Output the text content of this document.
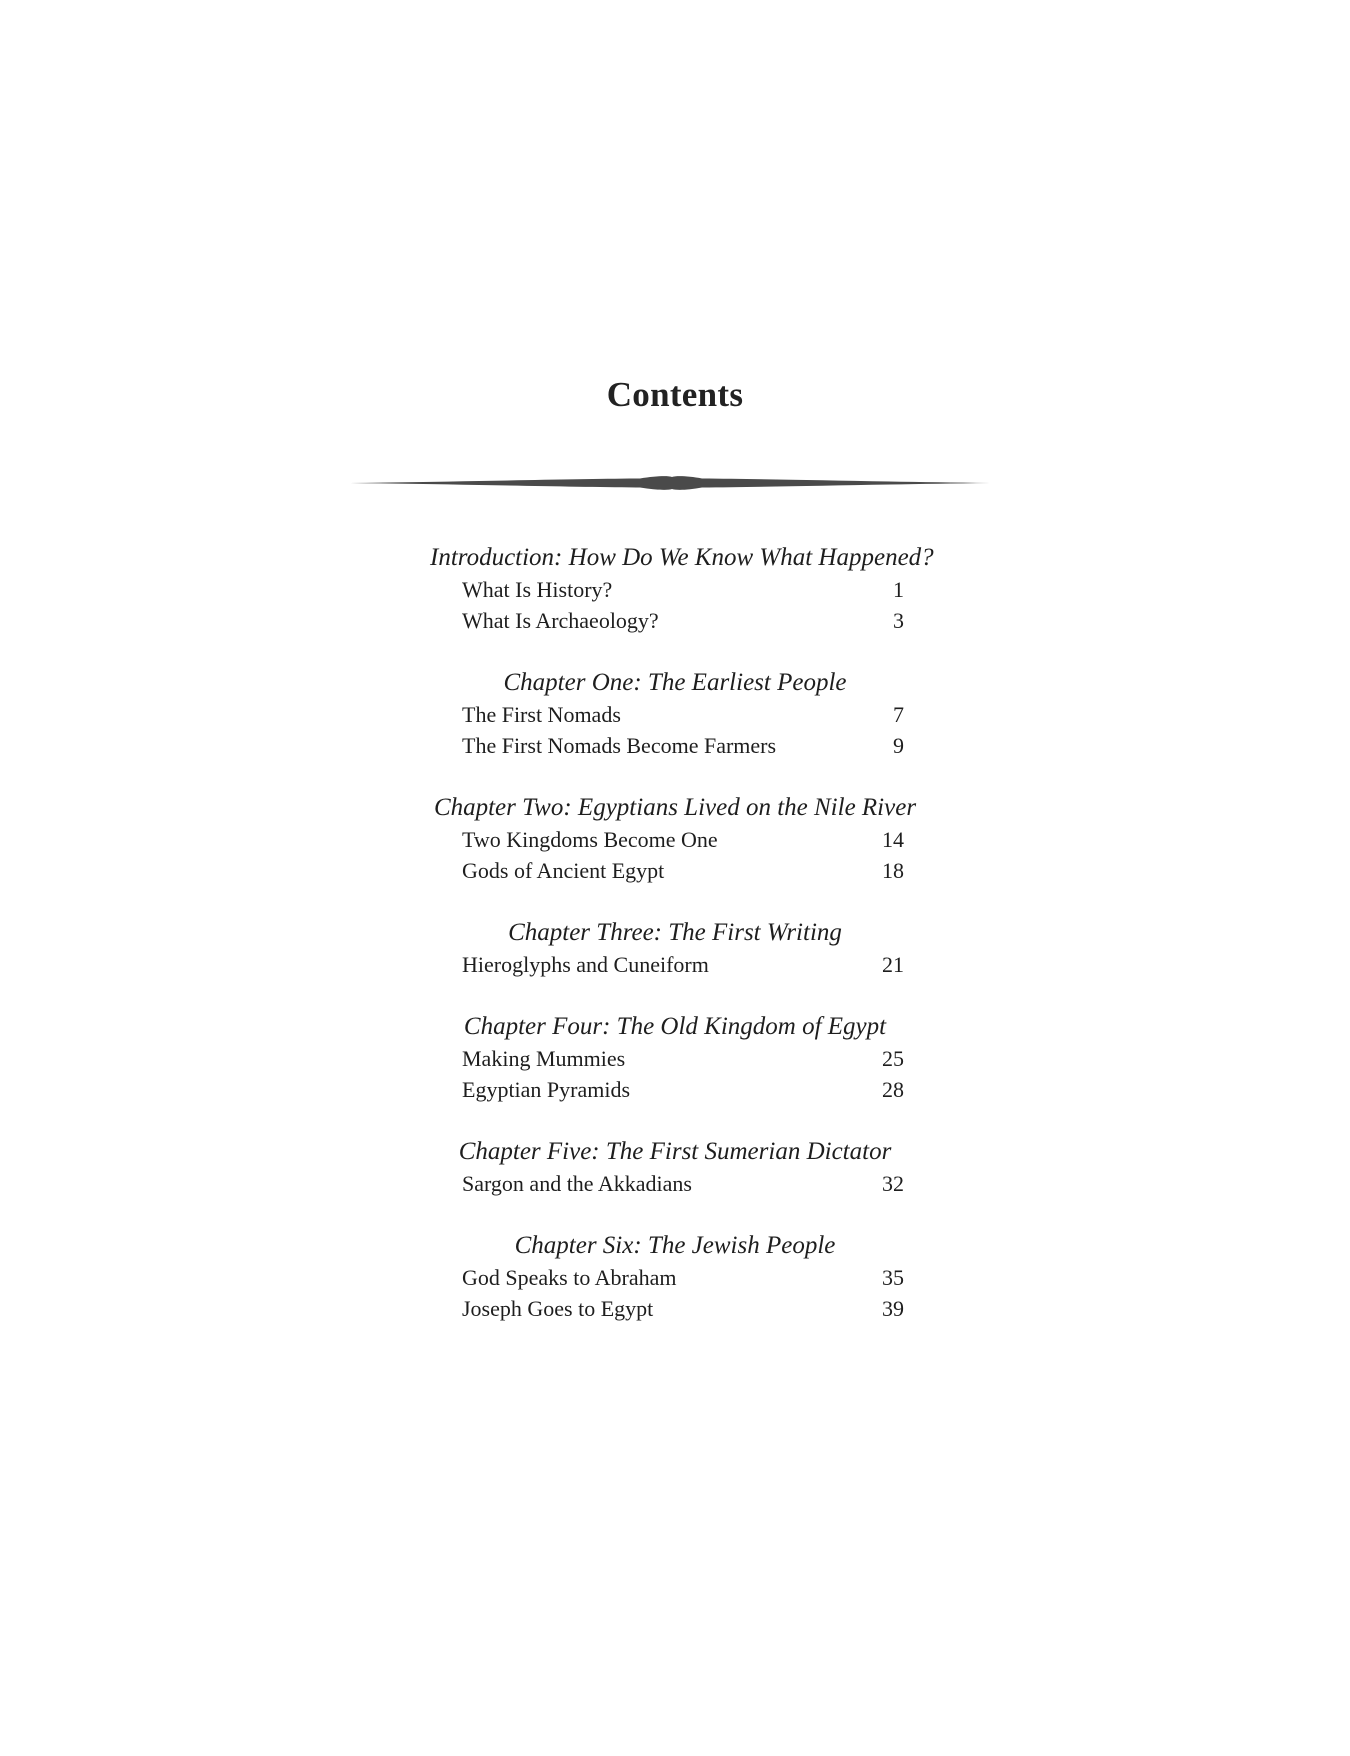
Contents
Introduction: How Do We Know What Happened?
What Is History?	1
What Is Archaeology?	3
Chapter One: The Earliest People
The First Nomads	7
The First Nomads Become Farmers	9
Chapter Two: Egyptians Lived on the Nile River
Two Kingdoms Become One	14
Gods of Ancient Egypt	18
Chapter Three: The First Writing
Hieroglyphs and Cuneiform	21
Chapter Four: The Old Kingdom of Egypt
Making Mummies	25
Egyptian Pyramids	28
Chapter Five: The First Sumerian Dictator
Sargon and the Akkadians	32
Chapter Six: The Jewish People
God Speaks to Abraham	35
Joseph Goes to Egypt	39
